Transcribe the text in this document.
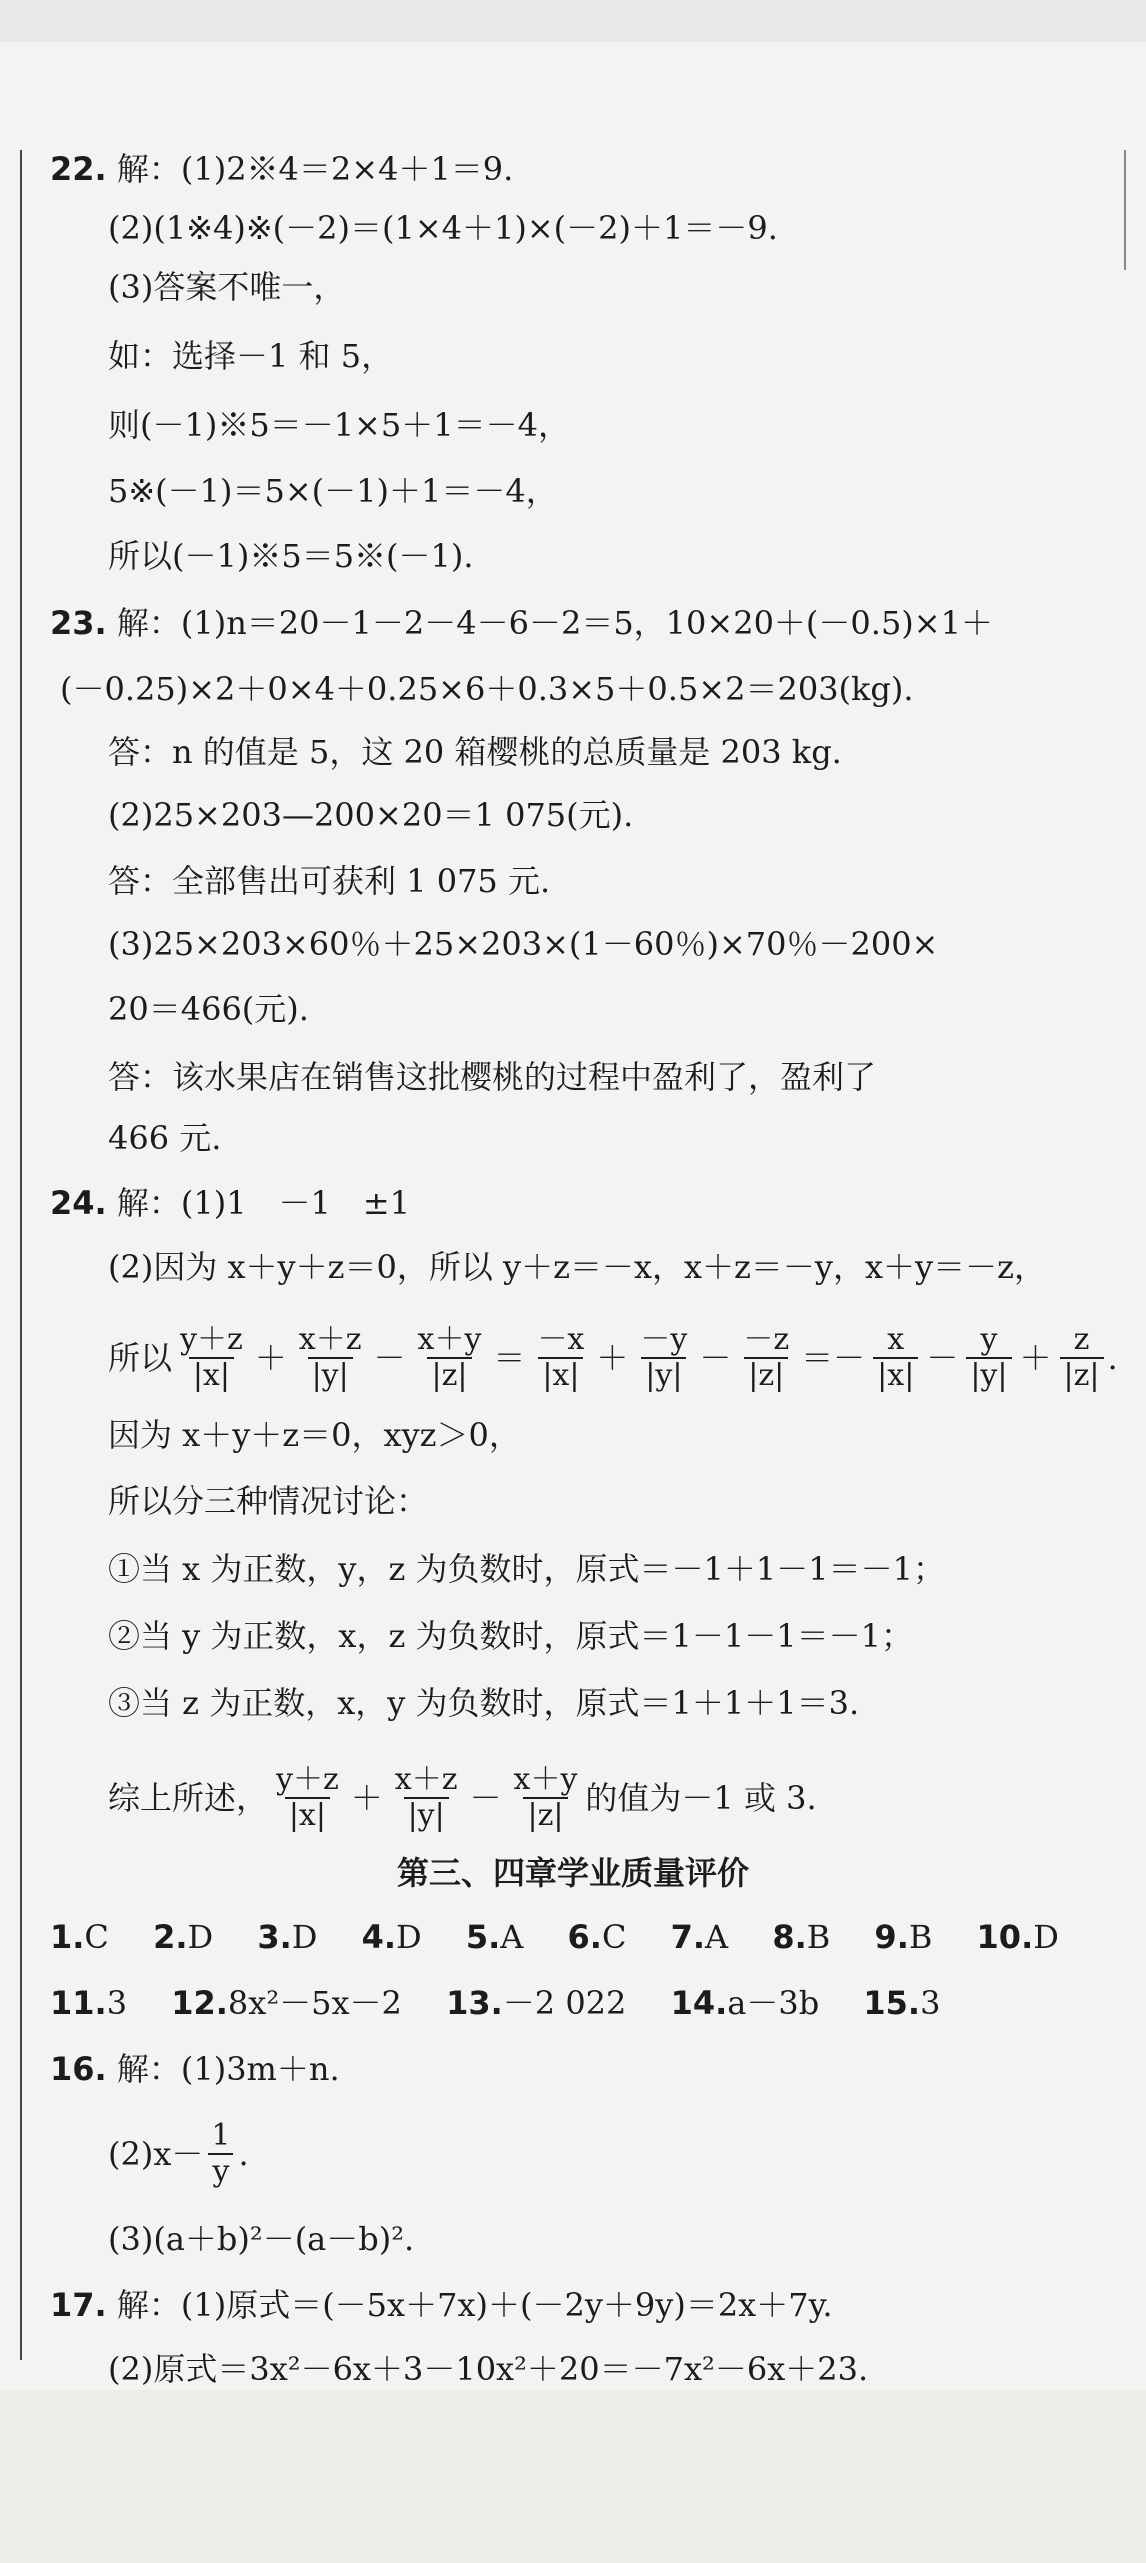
22. 解：(1)2※4＝2×4＋1＝9.
(2)(1※4)※(－2)＝(1×4＋1)×(－2)＋1＝－9.
(3)答案不唯一，
如：选择－1 和 5，
则(－1)※5＝－1×5＋1＝－4，
5※(－1)＝5×(－1)＋1＝－4，
所以(－1)※5＝5※(－1).
23. 解：(1)n＝20－1－2－4－6－2＝5，10×20＋(－0.5)×1＋
(－0.25)×2＋0×4＋0.25×6＋0.3×5＋0.5×2＝203(kg).
答：n 的值是 5，这 20 箱樱桃的总质量是 203 kg.
(2)25×203—200×20＝1 075(元).
答：全部售出可获利 1 075 元.
(3)25×203×60％＋25×203×(1－60％)×70％－200×
20＝466(元).
答：该水果店在销售这批樱桃的过程中盈利了，盈利了
466 元.
24. 解：(1)1　－1　±1
(2)因为 x＋y＋z＝0，所以 y＋z＝－x，x＋z＝－y，x＋y＝－z，
所以 $\frac{y+z}{|x|} + \frac{x+z}{|y|} - \frac{x+y}{|z|} = \frac{-x}{|x|} + \frac{-y}{|y|} - \frac{-z}{|z|} =- \frac{x}{|x|} - \frac{y}{|y|} + \frac{z}{|z|}$ .
因为 x＋y＋z＝0，xyz＞0，
所以分三种情况讨论：
①当 x 为正数，y，z 为负数时，原式＝－1＋1－1＝－1；
②当 y 为正数，x，z 为负数时，原式＝1－1－1＝－1；
③当 z 为正数，x，y 为负数时，原式＝1＋1＋1＝3.
综上所述， $\frac{y+z}{|x|} + \frac{x+z}{|y|} - \frac{x+y}{|z|}$ 的值为－1 或 3.
第三、四章学业质量评价
1.C 2.D 3.D 4.D 5.A 6.C 7.A 8.B 9.B 10.D
11.3 12.8x²－5x－2 13.－2 022 14.a－3b 15.3
16. 解：(1)3m＋n.
$(2)x- \frac{1}{y}$ .
(3)(a＋b)²－(a－b)².
17. 解：(1)原式＝(－5x＋7x)＋(－2y＋9y)＝2x＋7y.
(2)原式＝3x²－6x＋3－10x²＋20＝－7x²－6x＋23.
